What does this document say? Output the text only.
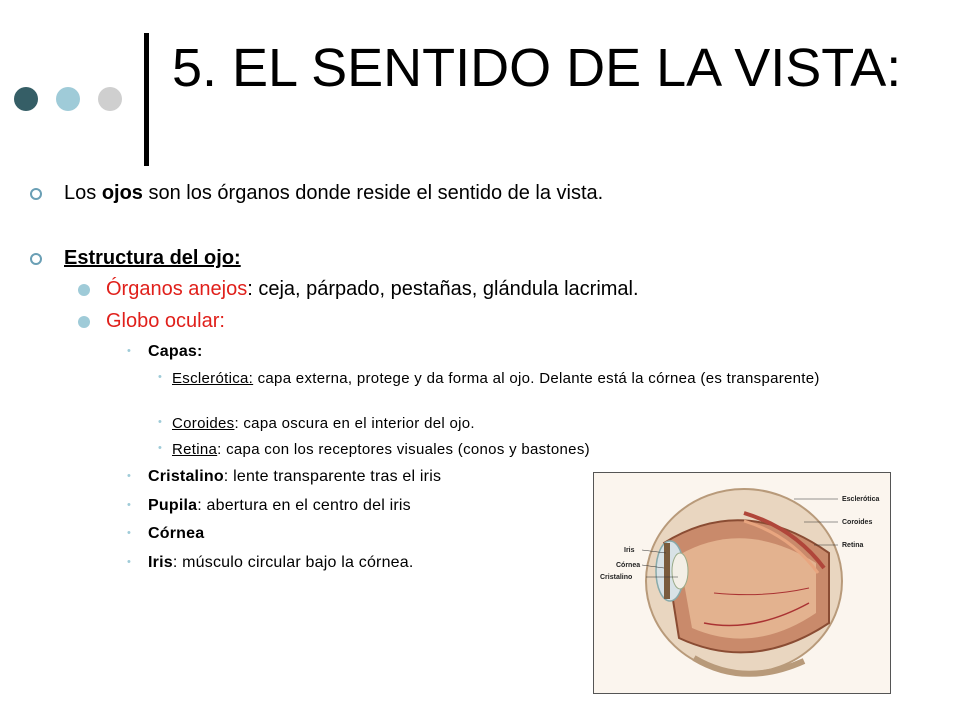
5. EL SENTIDO DE LA VISTA:
Los ojos son los órganos donde reside el sentido de la vista.
Estructura del ojo:
Órganos anejos: ceja, párpado, pestañas, glándula lacrimal.
Globo ocular:
• Capas:
• Esclerótica: capa externa, protege y da forma al ojo. Delante está la córnea (es transparente)
• Coroides: capa oscura en el interior del ojo.
• Retina: capa con los receptores visuales (conos y bastones)
• Cristalino: lente transparente tras el iris
• Pupila: abertura en el centro del iris
• Córnea
• Iris: músculo circular bajo la córnea.
Esclerótica
Coroides
Retina
Iris
Córnea
Cristalino
